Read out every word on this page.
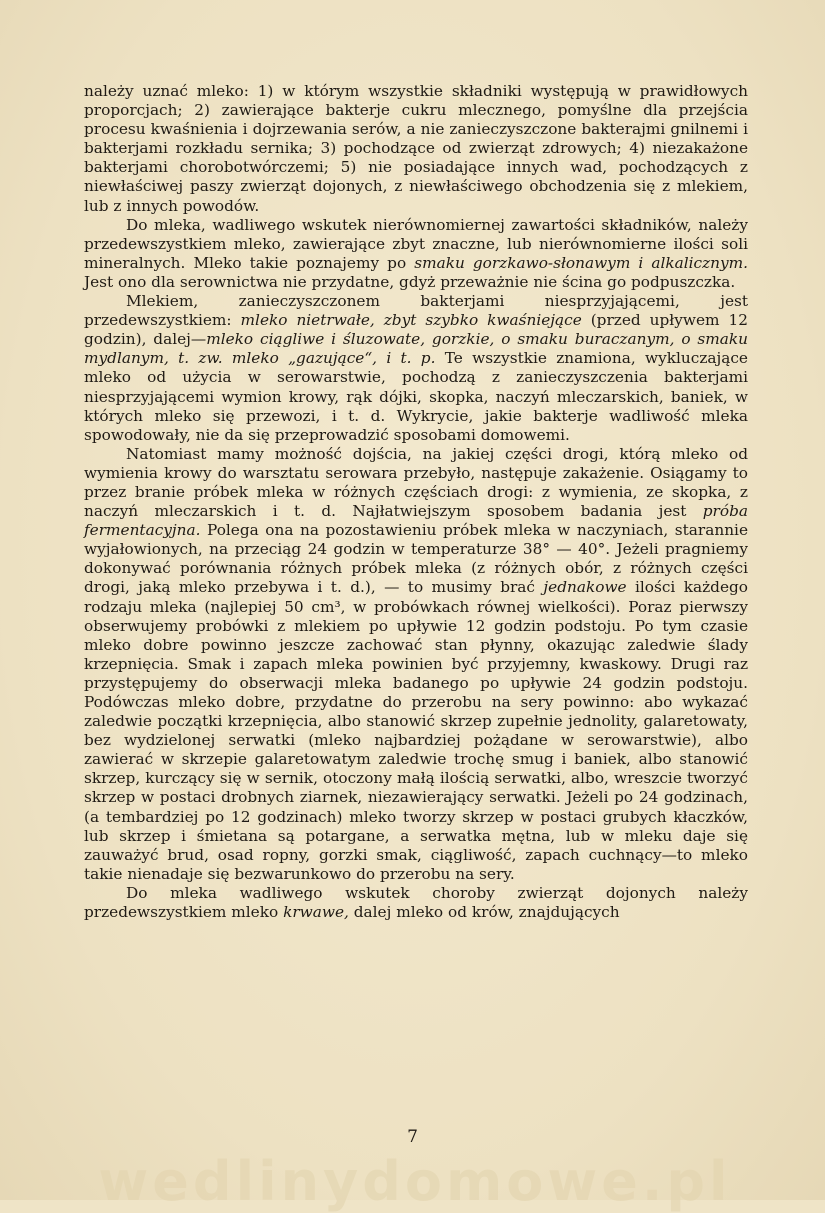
wedlinydomowe.pl

należy uznać mleko: 1) w którym wszystkie składniki występują w prawidłowych proporcjach; 2) zawierające bakterje cukru mlecznego, pomyślne dla przejścia procesu kwaśnienia i dojrzewania serów, a nie zanieczyszczone bakterajmi gnilnemi i bakterjami rozkładu sernika; 3) pochodzące od zwierząt zdrowych; 4) niezakażone bakterjami chorobotwórczemi; 5) nie posiadające innych wad, pochodzących z niewłaściwej paszy zwierząt dojonych, z niewłaściwego obchodzenia się z mlekiem, lub z innych powodów.

Do mleka, wadliwego wskutek nierównomiernej zawartości składników, należy przedewszystkiem mleko, zawierające zbyt znaczne, lub nierównomierne ilości soli mineralnych. Mleko takie poznajemy po smaku gorzkawo-słonawym i alkalicznym. Jest ono dla serownictwa nie przydatne, gdyż przeważnie nie ścina go podpuszczka.

Mlekiem, zanieczyszczonem bakterjami niesprzyjającemi, jest przedewszystkiem: mleko nietrwałe, zbyt szybko kwaśniejące (przed upływem 12 godzin), dalej—mleko ciągliwe i śluzowate, gorzkie, o smaku buraczanym, o smaku mydlanym, t. zw. mleko „gazujące“, i t. p. Te wszystkie znamiona, wykluczające mleko od użycia w serowarstwie, pochodzą z zanieczyszczenia bakterjami niesprzyjającemi wymion krowy, rąk dójki, skopka, naczyń mleczarskich, baniek, w których mleko się przewozi, i t. d. Wykrycie, jakie bakterje wadliwość mleka spowodowały, nie da się przeprowadzić sposobami domowemi.

Natomiast mamy możność dojścia, na jakiej części drogi, którą mleko od wymienia krowy do warsztatu serowara przebyło, następuje zakażenie. Osiągamy to przez branie próbek mleka w różnych częściach drogi: z wymienia, ze skopka, z naczyń mleczarskich i t. d. Najłatwiejszym sposobem badania jest próba fermentacyjna. Polega ona na pozostawieniu próbek mleka w naczyniach, starannie wyjałowionych, na przeciąg 24 godzin w temperaturze 38° — 40°. Jeżeli pragniemy dokonywać porównania różnych próbek mleka (z różnych obór, z różnych części drogi, jaką mleko przebywa i t. d.), — to musimy brać jednakowe ilości każdego rodzaju mleka (najlepiej 50 cm³, w probówkach równej wielkości). Poraz pierwszy obserwujemy probówki z mlekiem po upływie 12 godzin podstoju. Po tym czasie mleko dobre powinno jeszcze zachować stan płynny, okazując zaledwie ślady krzepnięcia. Smak i zapach mleka powinien być przyjemny, kwaskowy. Drugi raz przystępujemy do obserwacji mleka badanego po upływie 24 godzin podstoju. Podówczas mleko dobre, przydatne do przerobu na sery powinno: abo wykazać zaledwie początki krzepnięcia, albo stanowić skrzep zupełnie jednolity, galaretowaty, bez wydzielonej serwatki (mleko najbardziej pożądane w serowarstwie), albo zawierać w skrzepie galaretowatym zaledwie trochę smug i baniek, albo stanowić skrzep, kurczący się w sernik, otoczony małą ilością serwatki, albo, wreszcie tworzyć skrzep w postaci drobnych ziarnek, niezawierający serwatki. Jeżeli po 24 godzinach, (a tembardziej po 12 godzinach) mleko tworzy skrzep w postaci grubych kłaczków, lub skrzep i śmietana są potargane, a serwatka mętna, lub w mleku daje się zauważyć brud, osad ropny, gorzki smak, ciągliwość, zapach cuchnący—to mleko takie nienadaje się bezwarunkowo do przerobu na sery.

Do mleka wadliwego wskutek choroby zwierząt dojonych należy przedewszystkiem mleko krwawe, dalej mleko od krów, znajdujących

7
